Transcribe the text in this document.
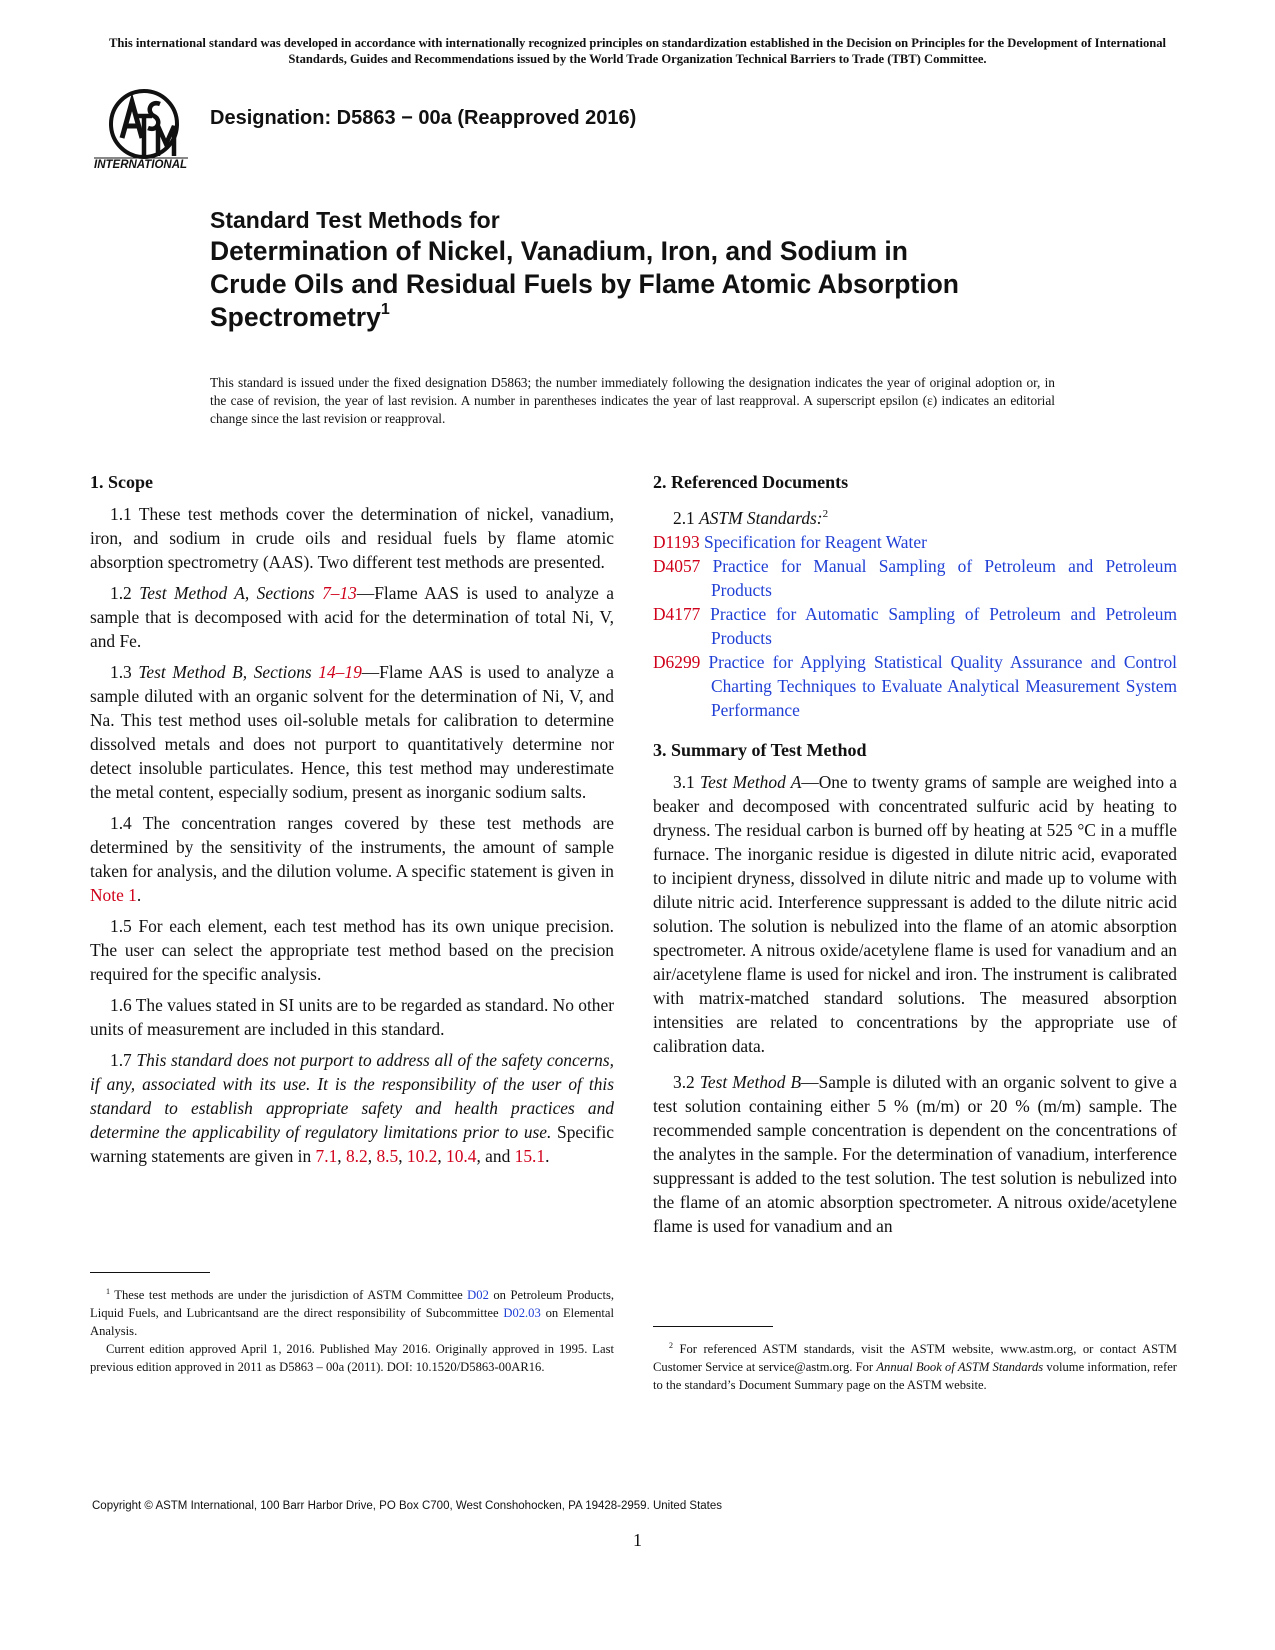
This international standard was developed in accordance with internationally recognized principles on standardization established in the Decision on Principles for the Development of International Standards, Guides and Recommendations issued by the World Trade Organization Technical Barriers to Trade (TBT) Committee.
INTERNATIONAL
Designation: D5863 − 00a (Reapproved 2016)
Standard Test Methods for
Determination of Nickel, Vanadium, Iron, and Sodium in
Crude Oils and Residual Fuels by Flame Atomic Absorption
Spectrometry$^1$
This standard is issued under the fixed designation D5863; the number immediately following the designation indicates the year of original adoption or, in the case of revision, the year of last revision. A number in parentheses indicates the year of last reapproval. A superscript epsilon (ε) indicates an editorial change since the last revision or reapproval.
1. Scope

1.1 These test methods cover the determination of nickel, vanadium, iron, and sodium in crude oils and residual fuels by flame atomic absorption spectrometry (AAS). Two different test methods are presented.

1.2 Test Method A, Sections 7–13—Flame AAS is used to analyze a sample that is decomposed with acid for the determination of total Ni, V, and Fe.

1.3 Test Method B, Sections 14–19—Flame AAS is used to analyze a sample diluted with an organic solvent for the determination of Ni, V, and Na. This test method uses oil-soluble metals for calibration to determine dissolved metals and does not purport to quantitatively determine nor detect insoluble particulates. Hence, this test method may underestimate the metal content, especially sodium, present as inorganic sodium salts.

1.4 The concentration ranges covered by these test methods are determined by the sensitivity of the instruments, the amount of sample taken for analysis, and the dilution volume. A specific statement is given in Note 1.

1.5 For each element, each test method has its own unique precision. The user can select the appropriate test method based on the precision required for the specific analysis.

1.6 The values stated in SI units are to be regarded as standard. No other units of measurement are included in this standard.

1.7 This standard does not purport to address all of the safety concerns, if any, associated with its use. It is the responsibility of the user of this standard to establish appropriate safety and health practices and determine the applicability of regulatory limitations prior to use. Specific warning statements are given in 7.1, 8.2, 8.5, 10.2, 10.4, and 15.1.

$^1$ These test methods are under the jurisdiction of ASTM Committee D02 on Petroleum Products, Liquid Fuels, and Lubricantsand are the direct responsibility of Subcommittee D02.03 on Elemental Analysis.

Current edition approved April 1, 2016. Published May 2016. Originally approved in 1995. Last previous edition approved in 2011 as D5863 – 00a (2011). DOI: 10.1520/D5863-00AR16.

2. Referenced Documents
2.1 ASTM Standards:$^2$
D1193 Specification for Reagent Water
D4057 Practice for Manual Sampling of Petroleum and Petroleum Products
D4177 Practice for Automatic Sampling of Petroleum and Petroleum Products
D6299 Practice for Applying Statistical Quality Assurance and Control Charting Techniques to Evaluate Analytical Measurement System Performance
3. Summary of Test Method

3.1 Test Method A—One to twenty grams of sample are weighed into a beaker and decomposed with concentrated sulfuric acid by heating to dryness. The residual carbon is burned off by heating at 525 °C in a muffle furnace. The inorganic residue is digested in dilute nitric acid, evaporated to incipient dryness, dissolved in dilute nitric and made up to volume with dilute nitric acid. Interference suppressant is added to the dilute nitric acid solution. The solution is nebulized into the flame of an atomic absorption spectrometer. A nitrous oxide/acetylene flame is used for vanadium and an air/acetylene flame is used for nickel and iron. The instrument is calibrated with matrix-matched standard solutions. The measured absorption intensities are related to concentrations by the appropriate use of calibration data.

3.2 Test Method B—Sample is diluted with an organic solvent to give a test solution containing either 5 % (m/m) or 20 % (m/m) sample. The recommended sample concentration is dependent on the concentrations of the analytes in the sample. For the determination of vanadium, interference suppressant is added to the test solution. The test solution is nebulized into the flame of an atomic absorption spectrometer. A nitrous oxide/acetylene flame is used for vanadium and an

$^2$ For referenced ASTM standards, visit the ASTM website, www.astm.org, or contact ASTM Customer Service at service@astm.org. For Annual Book of ASTM Standards volume information, refer to the standard’s Document Summary page on the ASTM website.

Copyright © ASTM International, 100 Barr Harbor Drive, PO Box C700, West Conshohocken, PA 19428-2959. United States
1
